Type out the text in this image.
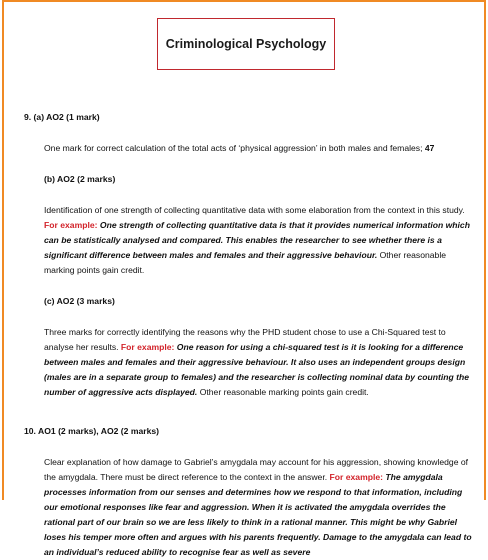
Criminological Psychology

9. (a) AO2 (1 mark)

One mark for correct calculation of the total acts of ‘physical aggression’ in both males and females; 47

(b) AO2 (2 marks)

Identification of one strength of collecting quantitative data with some elaboration from the context in this study. For example: One strength of collecting quantitative data is that it provides numerical information which can be statistically analysed and compared. This enables the researcher to see whether there is a significant difference between males and females and their aggressive behaviour. Other reasonable marking points gain credit.

(c) AO2 (3 marks)

Three marks for correctly identifying the reasons why the PHD student chose to use a Chi-Squared test to analyse her results. For example: One reason for using a chi-squared test is it is looking for a difference between males and females and their aggressive behaviour. It also uses an independent groups design (males are in a separate group to females) and the researcher is collecting nominal data by counting the number of aggressive acts displayed. Other reasonable marking points gain credit.

10. AO1 (2 marks), AO2 (2 marks)

Clear explanation of how damage to Gabriel’s amygdala may account for his aggression, showing knowledge of the amygdala. There must be direct reference to the context in the answer. For example: The amygdala processes information from our senses and determines how we respond to that information, including our emotional responses like fear and aggression. When it is activated the amygdala overrides the rational part of our brain so we are less likely to think in a rational manner. This might be why Gabriel loses his temper more often and argues with his parents frequently. Damage to the amygdala can lead to an individual’s reduced ability to recognise fear as well as severe
